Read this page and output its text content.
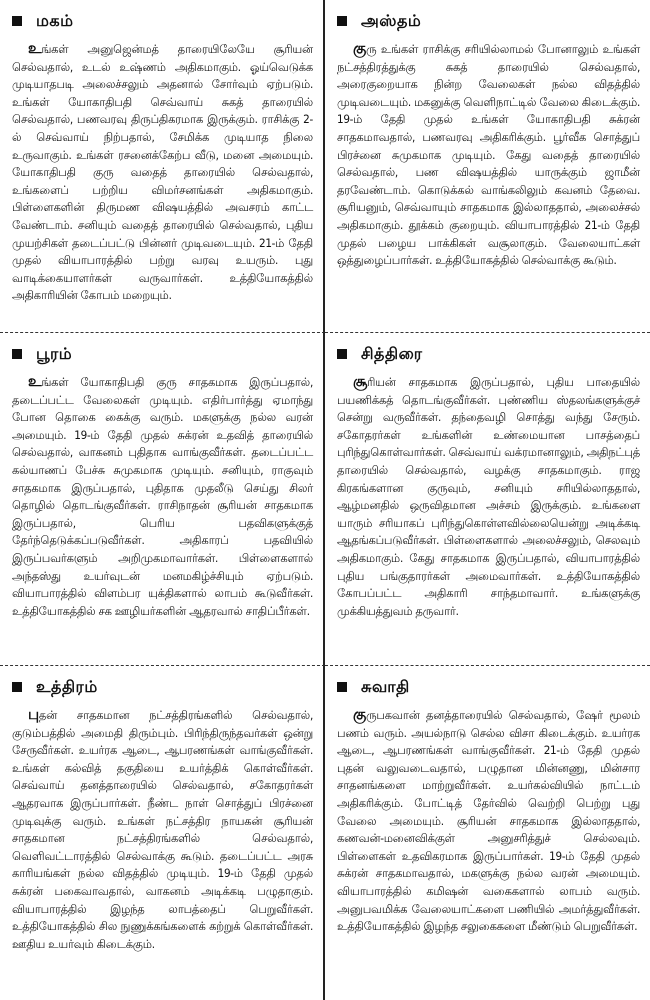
மகம்
உங்கள் அனுஜென்மத் தாரையிலேயே சூரியன் செல்வதால், உடல் உஷ்ணம் அதிகமாகும். ஓய்வெடுக்க முடியாதபடி அலைச்சலும் அதனால் சோர்வும் ஏற்படும். உங்கள் யோகாதிபதி செவ்வாய் சுகத் தாரையில் செல்வதால், பணவரவு திருப்திகரமாக இருக்கும். ராசிக்கு 2-ல் செவ்வாய் நிற்பதால், சேமிக்க முடியாத நிலை உருவாகும். உங்கள் ரசனைக்கேற்ப வீடு, மனை அமையும். யோகாதிபதி குரு வதைத் தாரையில் செல்வதால், உங்களைப் பற்றிய விமர்சனங்கள் அதிகமாகும். பிள்ளைகளின் திருமண விஷயத்தில் அவசரம் காட்ட வேண்டாம். சனியும் வதைத் தாரையில் செல்வதால், புதிய முயற்சிகள் தடைப்பட்டு பின்னர் முடிவடையும். 21-ம் தேதி முதல் வியாபாரத்தில் பற்று வரவு உயரும். புது வாடிக்கையாளர்கள் வருவார்கள். உத்தியோகத்தில் அதிகாரியின் கோபம் மறையும்.
அஸ்தம்
குரு உங்கள் ராசிக்கு சரியில்லாமல் போனாலும் உங்கள் நட்சத்திரத்துக்கு சுகத் தாரையில் செல்வதால், அரைகுறையாக நின்ற வேலைகள் நல்ல விதத்தில் முடிவடையும். மகனுக்கு வெளிநாட்டில் வேலை கிடைக்கும். 19-ம் தேதி முதல் உங்கள் யோகாதிபதி சுக்ரன் சாதகமாவதால், பணவரவு அதிகரிக்கும். பூர்வீக சொத்துப் பிரச்னை சுமுகமாக முடியும். கேது வதைத் தாரையில் செல்வதால், பண விஷயத்தில் யாருக்கும் ஜாமீன் தரவேண்டாம். கொடுக்கல் வாங்கலிலும் கவனம் தேவை. சூரியனும், செவ்வாயும் சாதகமாக இல்லாததால், அலைச்சல் அதிகமாகும். தூக்கம் குறையும். வியாபாரத்தில் 21-ம் தேதி முதல் பழைய பாக்கிகள் வசூலாகும். வேலையாட்கள் ஒத்துழைப்பார்கள். உத்தியோகத்தில் செல்வாக்கு கூடும்.
பூரம்
உங்கள் யோகாதிபதி குரு சாதகமாக இருப்பதால், தடைப்பட்ட வேலைகள் முடியும். எதிர்பார்த்து ஏமாந்து போன தொகை கைக்கு வரும். மகளுக்கு நல்ல வரன் அமையும். 19-ம் தேதி முதல் சுக்ரன் உதவித் தாரையில் செல்வதால், வாகனம் புதிதாக வாங்குவீர்கள். தடைப்பட்ட கல்யாணப் பேச்சு சுமுகமாக முடியும். சனியும், ராகுவும் சாதகமாக இருப்பதால், புதிதாக முதலீடு செய்து சிலர் தொழில் தொடங்குவீர்கள். ராசிநாதன் சூரியன் சாதகமாக இருப்பதால், பெரிய பதவிகளுக்குத் தேர்ந்தெடுக்கப்படுவீர்கள். அதிகாரப் பதவியில் இருப்பவர்களும் அறிமுகமாவார்கள். பிள்ளைகளால் அந்தஸ்து உயர்வுடன் மனமகிழ்ச்சியும் ஏற்படும். வியாபாரத்தில் விளம்பர யுக்திகளால் லாபம் கூடுவீர்கள். உத்தியோகத்தில் சக ஊழியர்களின் ஆதரவால் சாதிப்பீர்கள்.
சித்திரை
சூரியன் சாதகமாக இருப்பதால், புதிய பாதையில் பயணிக்கத் தொடங்குவீர்கள். புண்ணிய ஸ்தலங்களுக்குச் சென்று வருவீர்கள். தந்தைவழி சொத்து வந்து சேரும். சகோதரர்கள் உங்களின் உண்மையான பாசத்தைப் புரிந்துகொள்வார்கள். செவ்வாய் வக்ரமானாலும், அதிநட்புத் தாரையில் செல்வதால், வழக்கு சாதகமாகும். ராஜ கிரகங்களான குருவும், சனியும் சரியில்லாததால், ஆழ்மனதில் ஒருவிதமான அச்சம் இருக்கும். உங்களை யாரும் சரியாகப் புரிந்துகொள்ளவில்லையென்று அடிக்கடி ஆதங்கப்படுவீர்கள். பிள்ளைகளால் அலைச்சலும், செலவும் அதிகமாகும். கேது சாதகமாக இருப்பதால், வியாபாரத்தில் புதிய பங்குதாரர்கள் அமைவார்கள். உத்தியோகத்தில் கோபப்பட்ட அதிகாரி சாந்தமாவார். உங்களுக்கு முக்கியத்துவம் தருவார்.
உத்திரம்
புதன் சாதகமான நட்சத்திரங்களில் செல்வதால், குடும்பத்தில் அமைதி திரும்பும். பிரிந்திருந்தவர்கள் ஒன்று சேருவீர்கள். உயர்ரக ஆடை, ஆபரணங்கள் வாங்குவீர்கள். உங்கள் கல்வித் தகுதியை உயர்த்திக் கொள்வீர்கள். செவ்வாய் தனத்தாரையில் செல்வதால், சகோதரர்கள் ஆதரவாக இருப்பார்கள். நீண்ட நாள் சொத்துப் பிரச்னை முடிவுக்கு வரும். உங்கள் நட்சத்திர நாயகன் சூரியன் சாதகமான நட்சத்திரங்களில் செல்வதால், வெளிவட்டாரத்தில் செல்வாக்கு கூடும். தடைப்பட்ட அரசு காரியங்கள் நல்ல விதத்தில் முடியும். 19-ம் தேதி முதல் சுக்ரன் பகைவாவதால், வாகனம் அடிக்கடி பழுதாகும். வியாபாரத்தில் இழந்த லாபத்தைப் பெறுவீர்கள். உத்தியோகத்தில் சில நுணுக்கங்களைக் கற்றுக் கொள்வீர்கள். ஊதிய உயர்வும் கிடைக்கும்.
சுவாதி
குருபகவான் தனத்தாரையில் செல்வதால், ஷேர் மூலம் பணம் வரும். அயல்நாடு செல்ல விசா கிடைக்கும். உயர்ரக ஆடை, ஆபரணங்கள் வாங்குவீர்கள். 21-ம் தேதி முதல் புதன் வலுவடைவதால், பழுதான மின்னணு, மின்சார சாதனங்களை மாற்றுவீர்கள். உயர்கல்வியில் நாட்டம் அதிகரிக்கும். போட்டித் தேர்வில் வெற்றி பெற்று புது வேலை அமையும். சூரியன் சாதகமாக இல்லாததால், கணவன்-மனைவிக்குள் அனுசரித்துச் செல்லவும். பிள்ளைகள் உதவிகரமாக இருப்பார்கள். 19-ம் தேதி முதல் சுக்ரன் சாதகமாவதால், மகளுக்கு நல்ல வரன் அமையும். வியாபாரத்தில் கமிஷன் வகைகளால் லாபம் வரும். அனுபவமிக்க வேலையாட்களை பணியில் அமர்த்துவீர்கள். உத்தியோகத்தில் இழந்த சலுகைகளை மீண்டும் பெறுவீர்கள்.
